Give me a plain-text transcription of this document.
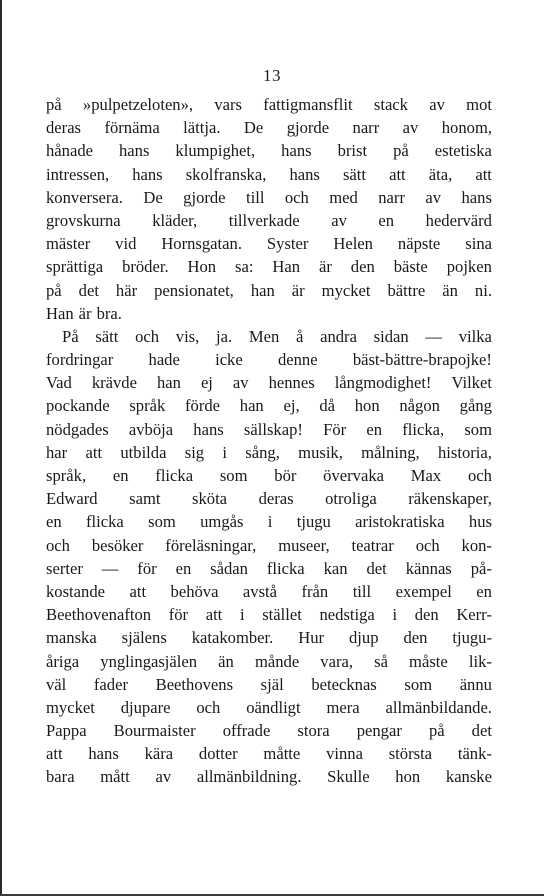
13
på »pulpetzeloten», vars fattigmansflit stack av mot
deras förnäma lättja. De gjorde narr av honom,
hånade hans klumpighet, hans brist på estetiska
intressen, hans skolfranska, hans sätt att äta, att
konversera. De gjorde till och med narr av hans
grovskurna kläder, tillverkade av en hedervärd
mäster vid Hornsgatan. Syster Helen näpste sina
sprättiga bröder. Hon sa: Han är den bäste pojken
på det här pensionatet, han är mycket bättre än ni.
Han är bra.
På sätt och vis, ja. Men å andra sidan — vilka
fordringar hade icke denne bäst-bättre-brapojke!
Vad krävde han ej av hennes långmodighet! Vilket
pockande språk förde han ej, då hon någon gång
nödgades avböja hans sällskap! För en flicka, som
har att utbilda sig i sång, musik, målning, historia,
språk, en flicka som bör övervaka Max och
Edward samt sköta deras otroliga räkenskaper,
en flicka som umgås i tjugu aristokratiska hus
och besöker föreläsningar, museer, teatrar och kon-
serter — för en sådan flicka kan det kännas på-
kostande att behöva avstå från till exempel en
Beethovenafton för att i stället nedstiga i den Kerr-
manska själens katakomber. Hur djup den tjugu-
åriga ynglingasjälen än månde vara, så måste lik-
väl fader Beethovens själ betecknas som ännu
mycket djupare och oändligt mera allmänbildande.
Pappa Bourmaister offrade stora pengar på det
att hans kära dotter måtte vinna största tänk-
bara mått av allmänbildning. Skulle hon kanske
